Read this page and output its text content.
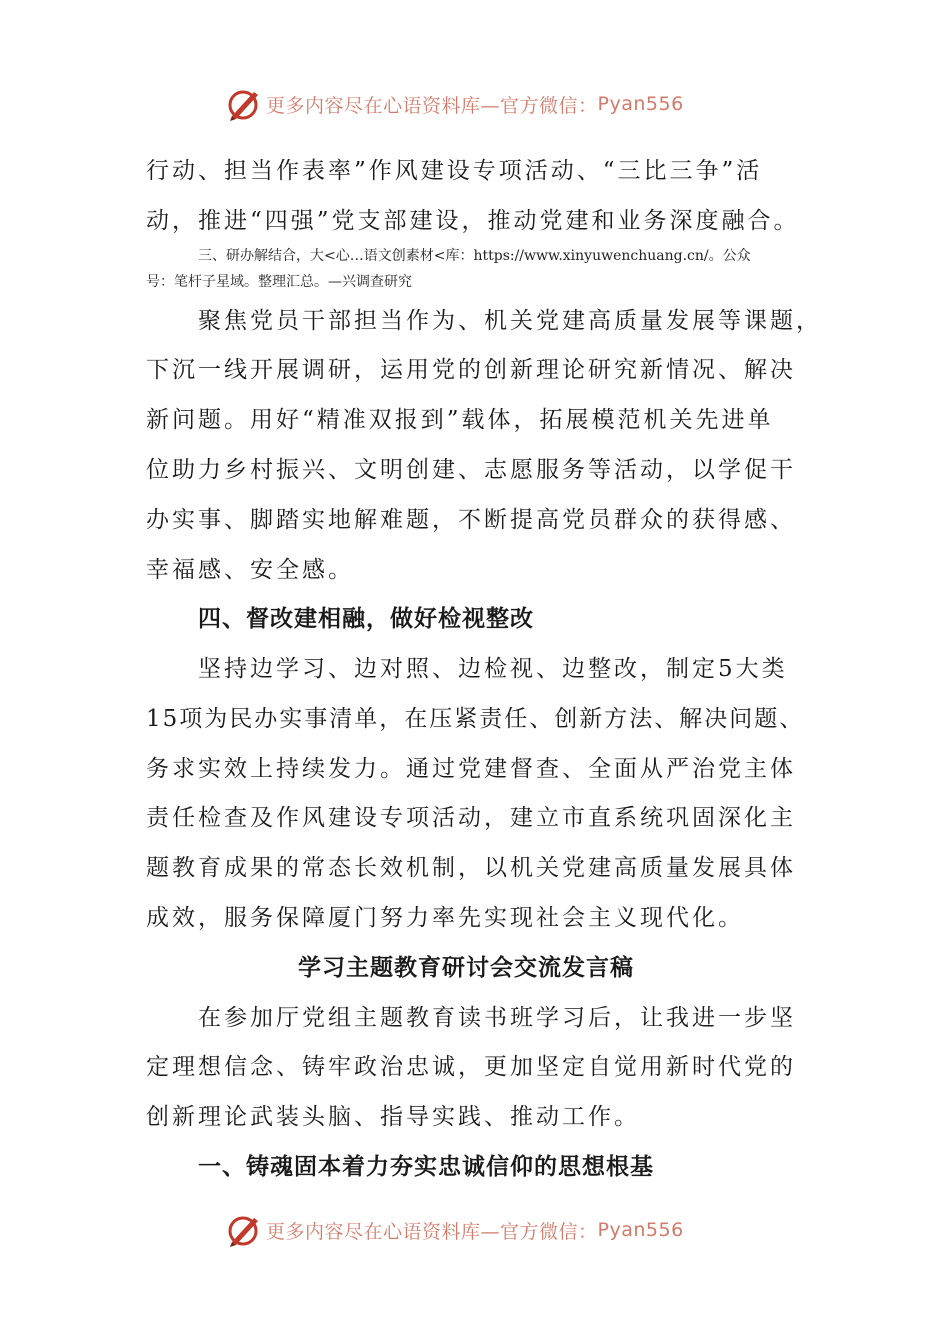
更多内容尽在心语资料库—官方微信： Pyan556
行动、担当作表率”作风建设专项活动、“三比三争”活
动，推进“四强”党支部建设，推动党建和业务深度融合。
三、研办解结合，大<心…语文创素材<库：https://www.xinyuwenchuang.cn/。公众
号：笔杆子星域。整理汇总。—兴调查研究
聚焦党员干部担当作为、机关党建高质量发展等课题，
下沉一线开展调研，运用党的创新理论研究新情况、解决
新问题。用好“精准双报到”载体，拓展模范机关先进单
位助力乡村振兴、文明创建、志愿服务等活动，以学促干
办实事、脚踏实地解难题，不断提高党员群众的获得感、
幸福感、安全感。
四、督改建相融，做好检视整改
坚持边学习、边对照、边检视、边整改，制定5大类
15项为民办实事清单，在压紧责任、创新方法、解决问题、
务求实效上持续发力。通过党建督查、全面从严治党主体
责任检查及作风建设专项活动，建立市直系统巩固深化主
题教育成果的常态长效机制，以机关党建高质量发展具体
成效，服务保障厦门努力率先实现社会主义现代化。
学习主题教育研讨会交流发言稿
在参加厅党组主题教育读书班学习后，让我进一步坚
定理想信念、铸牢政治忠诚，更加坚定自觉用新时代党的
创新理论武装头脑、指导实践、推动工作。
一、铸魂固本着力夯实忠诚信仰的思想根基
更多内容尽在心语资料库—官方微信： Pyan556
